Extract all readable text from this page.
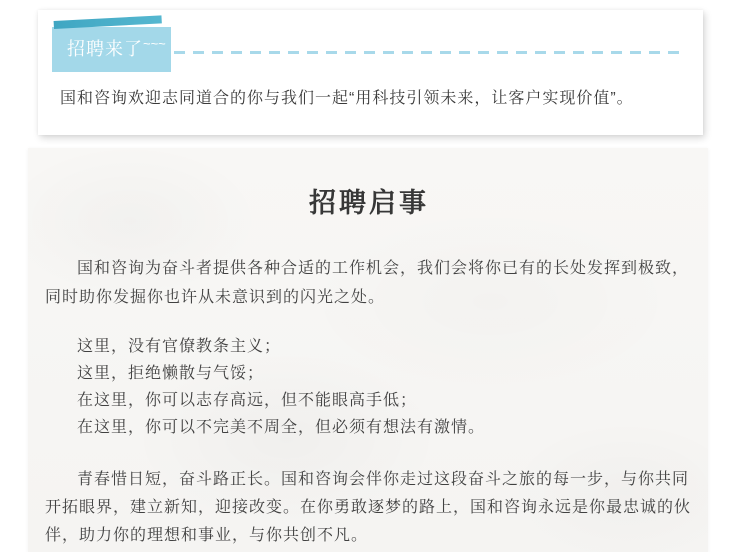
招聘来了~~~
国和咨询欢迎志同道合的你与我们一起“用科技引领未来，让客户实现价值”。
招聘启事

国和咨询为奋斗者提供各种合适的工作机会，我们会将你已有的长处发挥到极致，同时助你发掘你也许从未意识到的闪光之处。

这里，没有官僚教条主义；
这里，拒绝懒散与气馁；
在这里，你可以志存高远，但不能眼高手低；
在这里，你可以不完美不周全，但必须有想法有激情。

青春惜日短，奋斗路正长。国和咨询会伴你走过这段奋斗之旅的每一步，与你共同开拓眼界，建立新知，迎接改变。在你勇敢逐梦的路上，国和咨询永远是你最忠诚的伙伴，助力你的理想和事业，与你共创不凡。
